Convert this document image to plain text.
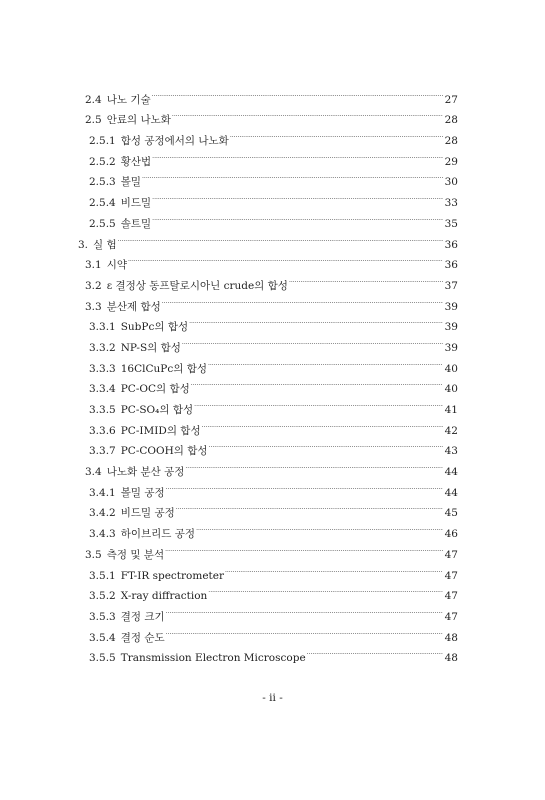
2.4 나노 기술 .....	27
2.5 안료의 나노화 .....	28
2.5.1 합성 공정에서의 나노화 .....	28
2.5.2 황산법 .....	29
2.5.3 볼밀 .....	30
2.5.4 비드밀 .....	33
2.5.5 솔트밀 .....	35
3. 실 험 .....	36
3.1 시약 .....	36
3.2 ε 결정상 동프탈로시아닌 crude의 합성 .....	37
3.3 분산제 합성 .....	39
3.3.1 SubPc의 합성 .....	39
3.3.2 NP-S의 합성 .....	39
3.3.3 16ClCuPc의 합성 .....	40
3.3.4 PC-OC의 합성 .....	40
3.3.5 PC-SO₄의 합성 .....	41
3.3.6 PC-IMID의 합성 .....	42
3.3.7 PC-COOH의 합성 .....	43
3.4 나노화 분산 공정 .....	44
3.4.1 볼밀 공정 .....	44
3.4.2 비드밀 공정 .....	45
3.4.3 하이브리드 공정 .....	46
3.5 측정 및 분석 .....	47
3.5.1 FT-IR spectrometer .....	47
3.5.2 X-ray diffraction .....	47
3.5.3 결정 크기 .....	47
3.5.4 결정 순도 .....	48
3.5.5 Transmission Electron Microscope .....	48
- ii -
